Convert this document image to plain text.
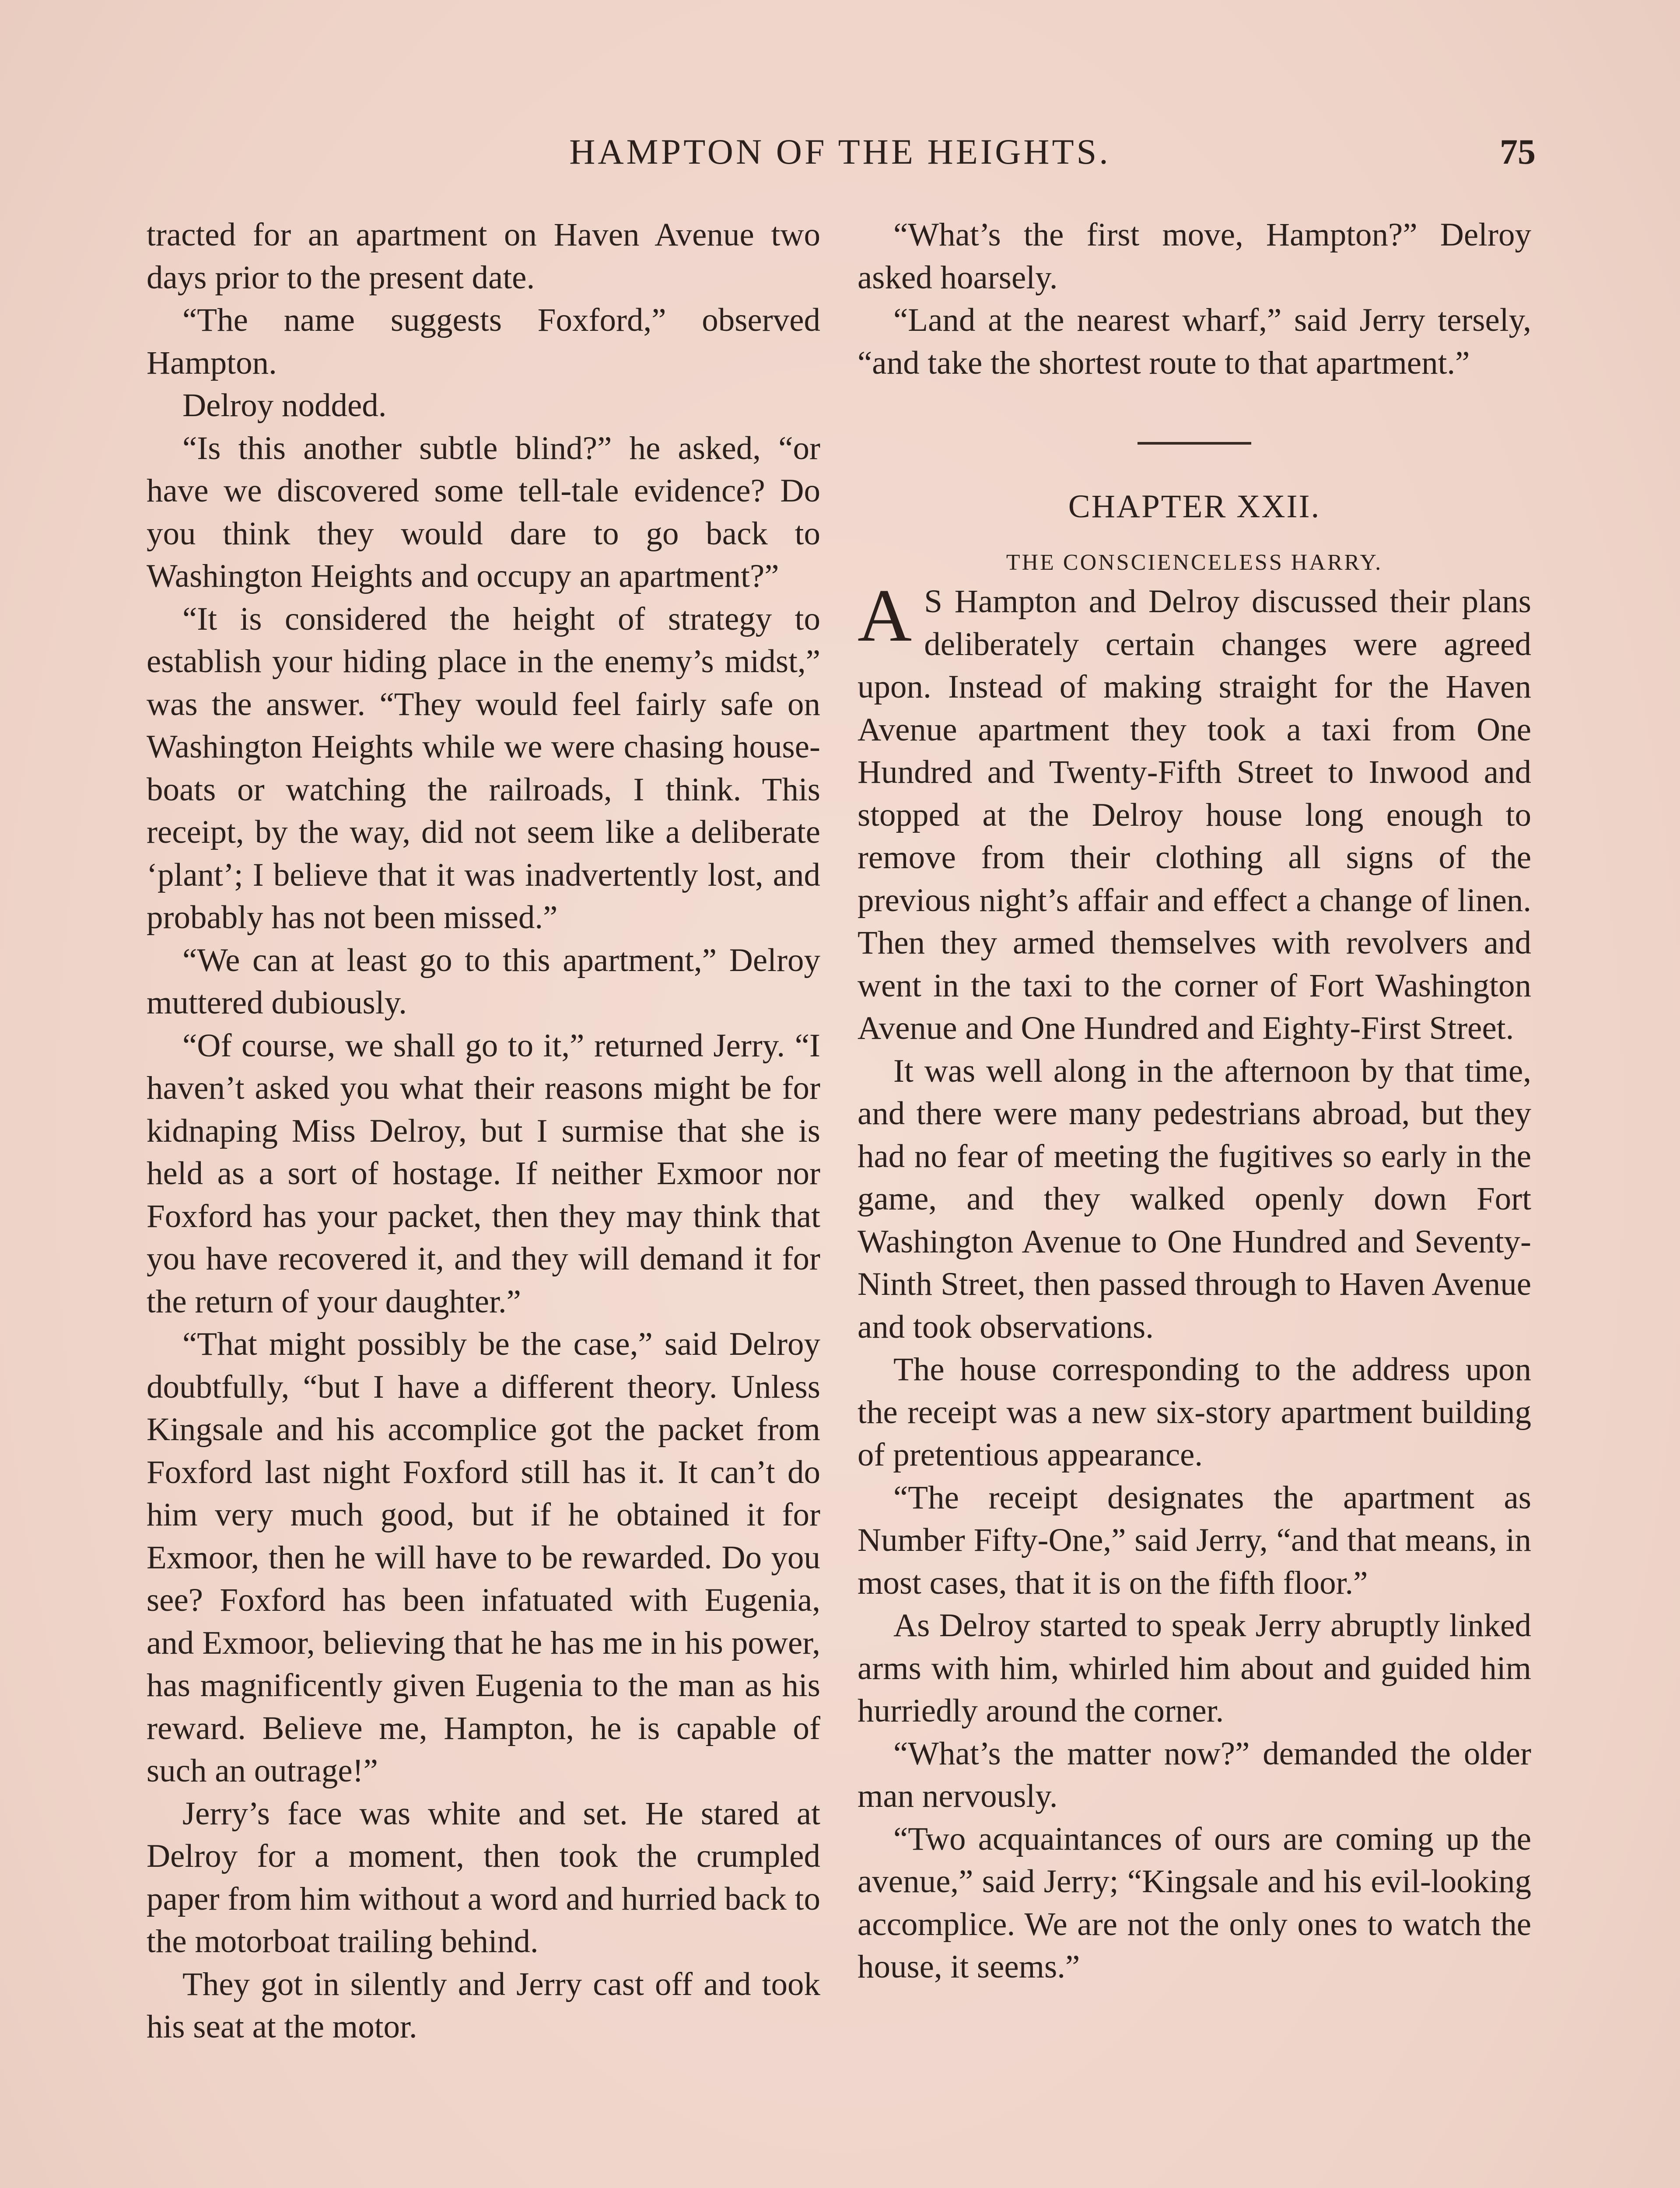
HAMPTON OF THE HEIGHTS.	75

tracted for an apartment on Haven Avenue two days prior to the present date.

“The name suggests Foxford,” observed Hampton.

Delroy nodded.

“Is this another subtle blind?” he asked, “or have we discovered some tell-tale evidence? Do you think they would dare to go back to Washington Heights and occupy an apartment?”

“It is considered the height of strategy to establish your hiding place in the enemy’s midst,” was the answer. “They would feel fairly safe on Washington Heights while we were chasing house-boats or watching the railroads, I think. This receipt, by the way, did not seem like a deliberate ‘plant’; I believe that it was inadvertently lost, and probably has not been missed.”

“We can at least go to this apartment,” Delroy muttered dubiously.

“Of course, we shall go to it,” returned Jerry. “I haven’t asked you what their reasons might be for kidnaping Miss Delroy, but I surmise that she is held as a sort of hostage. If neither Exmoor nor Foxford has your packet, then they may think that you have recovered it, and they will demand it for the return of your daughter.”

“That might possibly be the case,” said Delroy doubtfully, “but I have a different theory. Unless Kingsale and his accomplice got the packet from Foxford last night Foxford still has it. It can’t do him very much good, but if he obtained it for Exmoor, then he will have to be rewarded. Do you see? Foxford has been infatuated with Eugenia, and Exmoor, believing that he has me in his power, has magnificently given Eugenia to the man as his reward. Believe me, Hampton, he is capable of such an outrage!”

Jerry’s face was white and set. He stared at Delroy for a moment, then took the crumpled paper from him without a word and hurried back to the motorboat trailing behind.

They got in silently and Jerry cast off and took his seat at the motor.

“What’s the first move, Hampton?” Delroy asked hoarsely.

“Land at the nearest wharf,” said Jerry tersely, “and take the shortest route to that apartment.”

CHAPTER XXII.
THE CONSCIENCELESS HARRY.

A S Hampton and Delroy discussed their plans deliberately certain changes were agreed upon. Instead of making straight for the Haven Avenue apartment they took a taxi from One Hundred and Twenty-Fifth Street to Inwood and stopped at the Delroy house long enough to remove from their clothing all signs of the previous night’s affair and effect a change of linen. Then they armed themselves with revolvers and went in the taxi to the corner of Fort Washington Avenue and One Hundred and Eighty-First Street.

It was well along in the afternoon by that time, and there were many pedestrians abroad, but they had no fear of meeting the fugitives so early in the game, and they walked openly down Fort Washington Avenue to One Hundred and Seventy-Ninth Street, then passed through to Haven Avenue and took observations.

The house corresponding to the address upon the receipt was a new six-story apartment building of pretentious appearance.

“The receipt designates the apartment as Number Fifty-One,” said Jerry, “and that means, in most cases, that it is on the fifth floor.”

As Delroy started to speak Jerry abruptly linked arms with him, whirled him about and guided him hurriedly around the corner.

“What’s the matter now?” demanded the older man nervously.

“Two acquaintances of ours are coming up the avenue,” said Jerry; “Kingsale and his evil-looking accomplice. We are not the only ones to watch the house, it seems.”
